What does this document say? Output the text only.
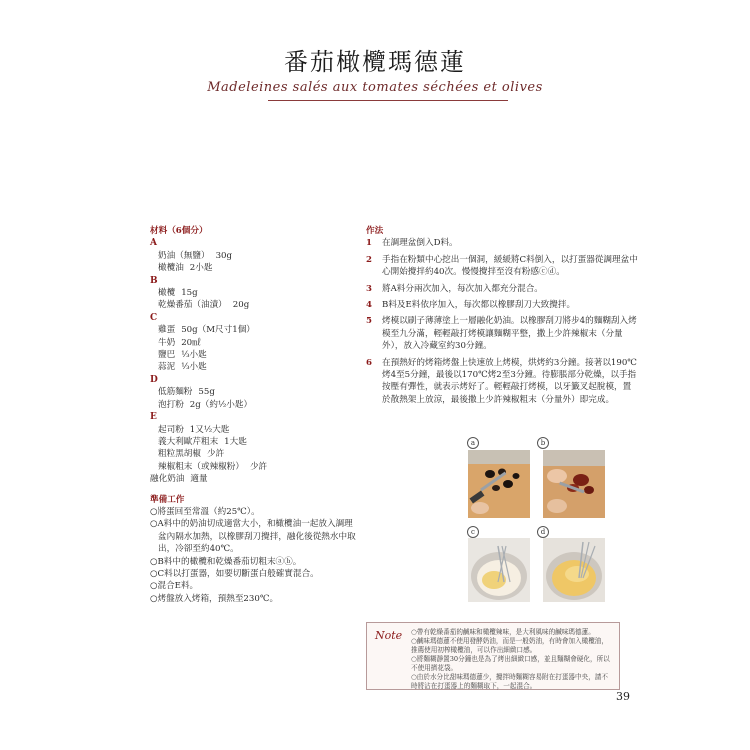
番茄橄欖瑪德蓮
Madeleines salés aux tomates séchées et olives
材料（6個分）
A
奶油（無鹽） 30g
橄欖油 2小匙
B
橄欖 15g
乾燥番茄（油漬） 20g
C
雞蛋 50g（M尺寸1個）
牛奶 20㎖
鹽巴 ⅓小匙
蒜泥 ⅓小匙
D
低筋麵粉 55g
泡打粉 2g（約½小匙）
E
起司粉 1又½大匙
義大利歐芹粗末 1大匙
粗粒黑胡椒 少許
辣椒粗末（或辣椒粉） 少許
融化奶油 適量
準備工作
○將蛋回至常溫（約25℃）。
○A料中的奶油切成適當大小，和橄欖油一起放入調理盆內隔水加熱，以橡膠刮刀攪拌，融化後從熱水中取出，冷卻至約40℃。
○B料中的橄欖和乾燥番茄切粗末ⓐⓑ。
○C料以打蛋器，如要切斷蛋白般確實混合。
○混合E料。
○烤盤放入烤箱，預熱至230℃。
作法
1	在調理盆倒入D料。
2	手指在粉類中心挖出一個洞，緩緩將C料倒入，以打蛋器從調理盆中心開始攪拌約40次。慢慢攪拌至沒有粉感ⓒⓓ。
3	將A料分兩次加入，每次加入都充分混合。
4	B料及E料依序加入，每次都以橡膠刮刀大致攪拌。
5	烤模以刷子薄薄塗上一層融化奶油。以橡膠刮刀將步4的麵糊刮入烤模至九分滿，輕輕敲打烤模讓麵糊平整，撒上少許辣椒末（分量外），放入冷藏室約30分鐘。
6	在預熱好的烤箱烤盤上快速放上烤模，烘烤約3分鐘。接著以190℃烤4至5分鐘，最後以170℃烤2至3分鐘。待膨脹部分乾燥，以手指按壓有彈性，就表示烤好了。輕輕敲打烤模，以牙籤叉起脫模，置於散熱架上放涼，最後撒上少許辣椒粗末（分量外）即完成。
a	b
c	d
Note ○帶有乾燥番茄的鹹味和橄欖辣味，是大利風味的鹹味瑪德蓮。
○鹹味瑪德蓮不使用發酵奶油，而是一般奶油，有時會加入橄欖油，推薦使用初榨橄欖油，可以作出細緻口感。
○將麵糊靜置30分鐘也是為了烤出細緻口感，並且麵糊會硬化，所以不使用擠花袋。
○由於水分比甜味瑪德蓮少，攪拌時麵糊容易附在打蛋器中央，請不時將沾在打蛋器上的麵糊取下，一起混合。
39
